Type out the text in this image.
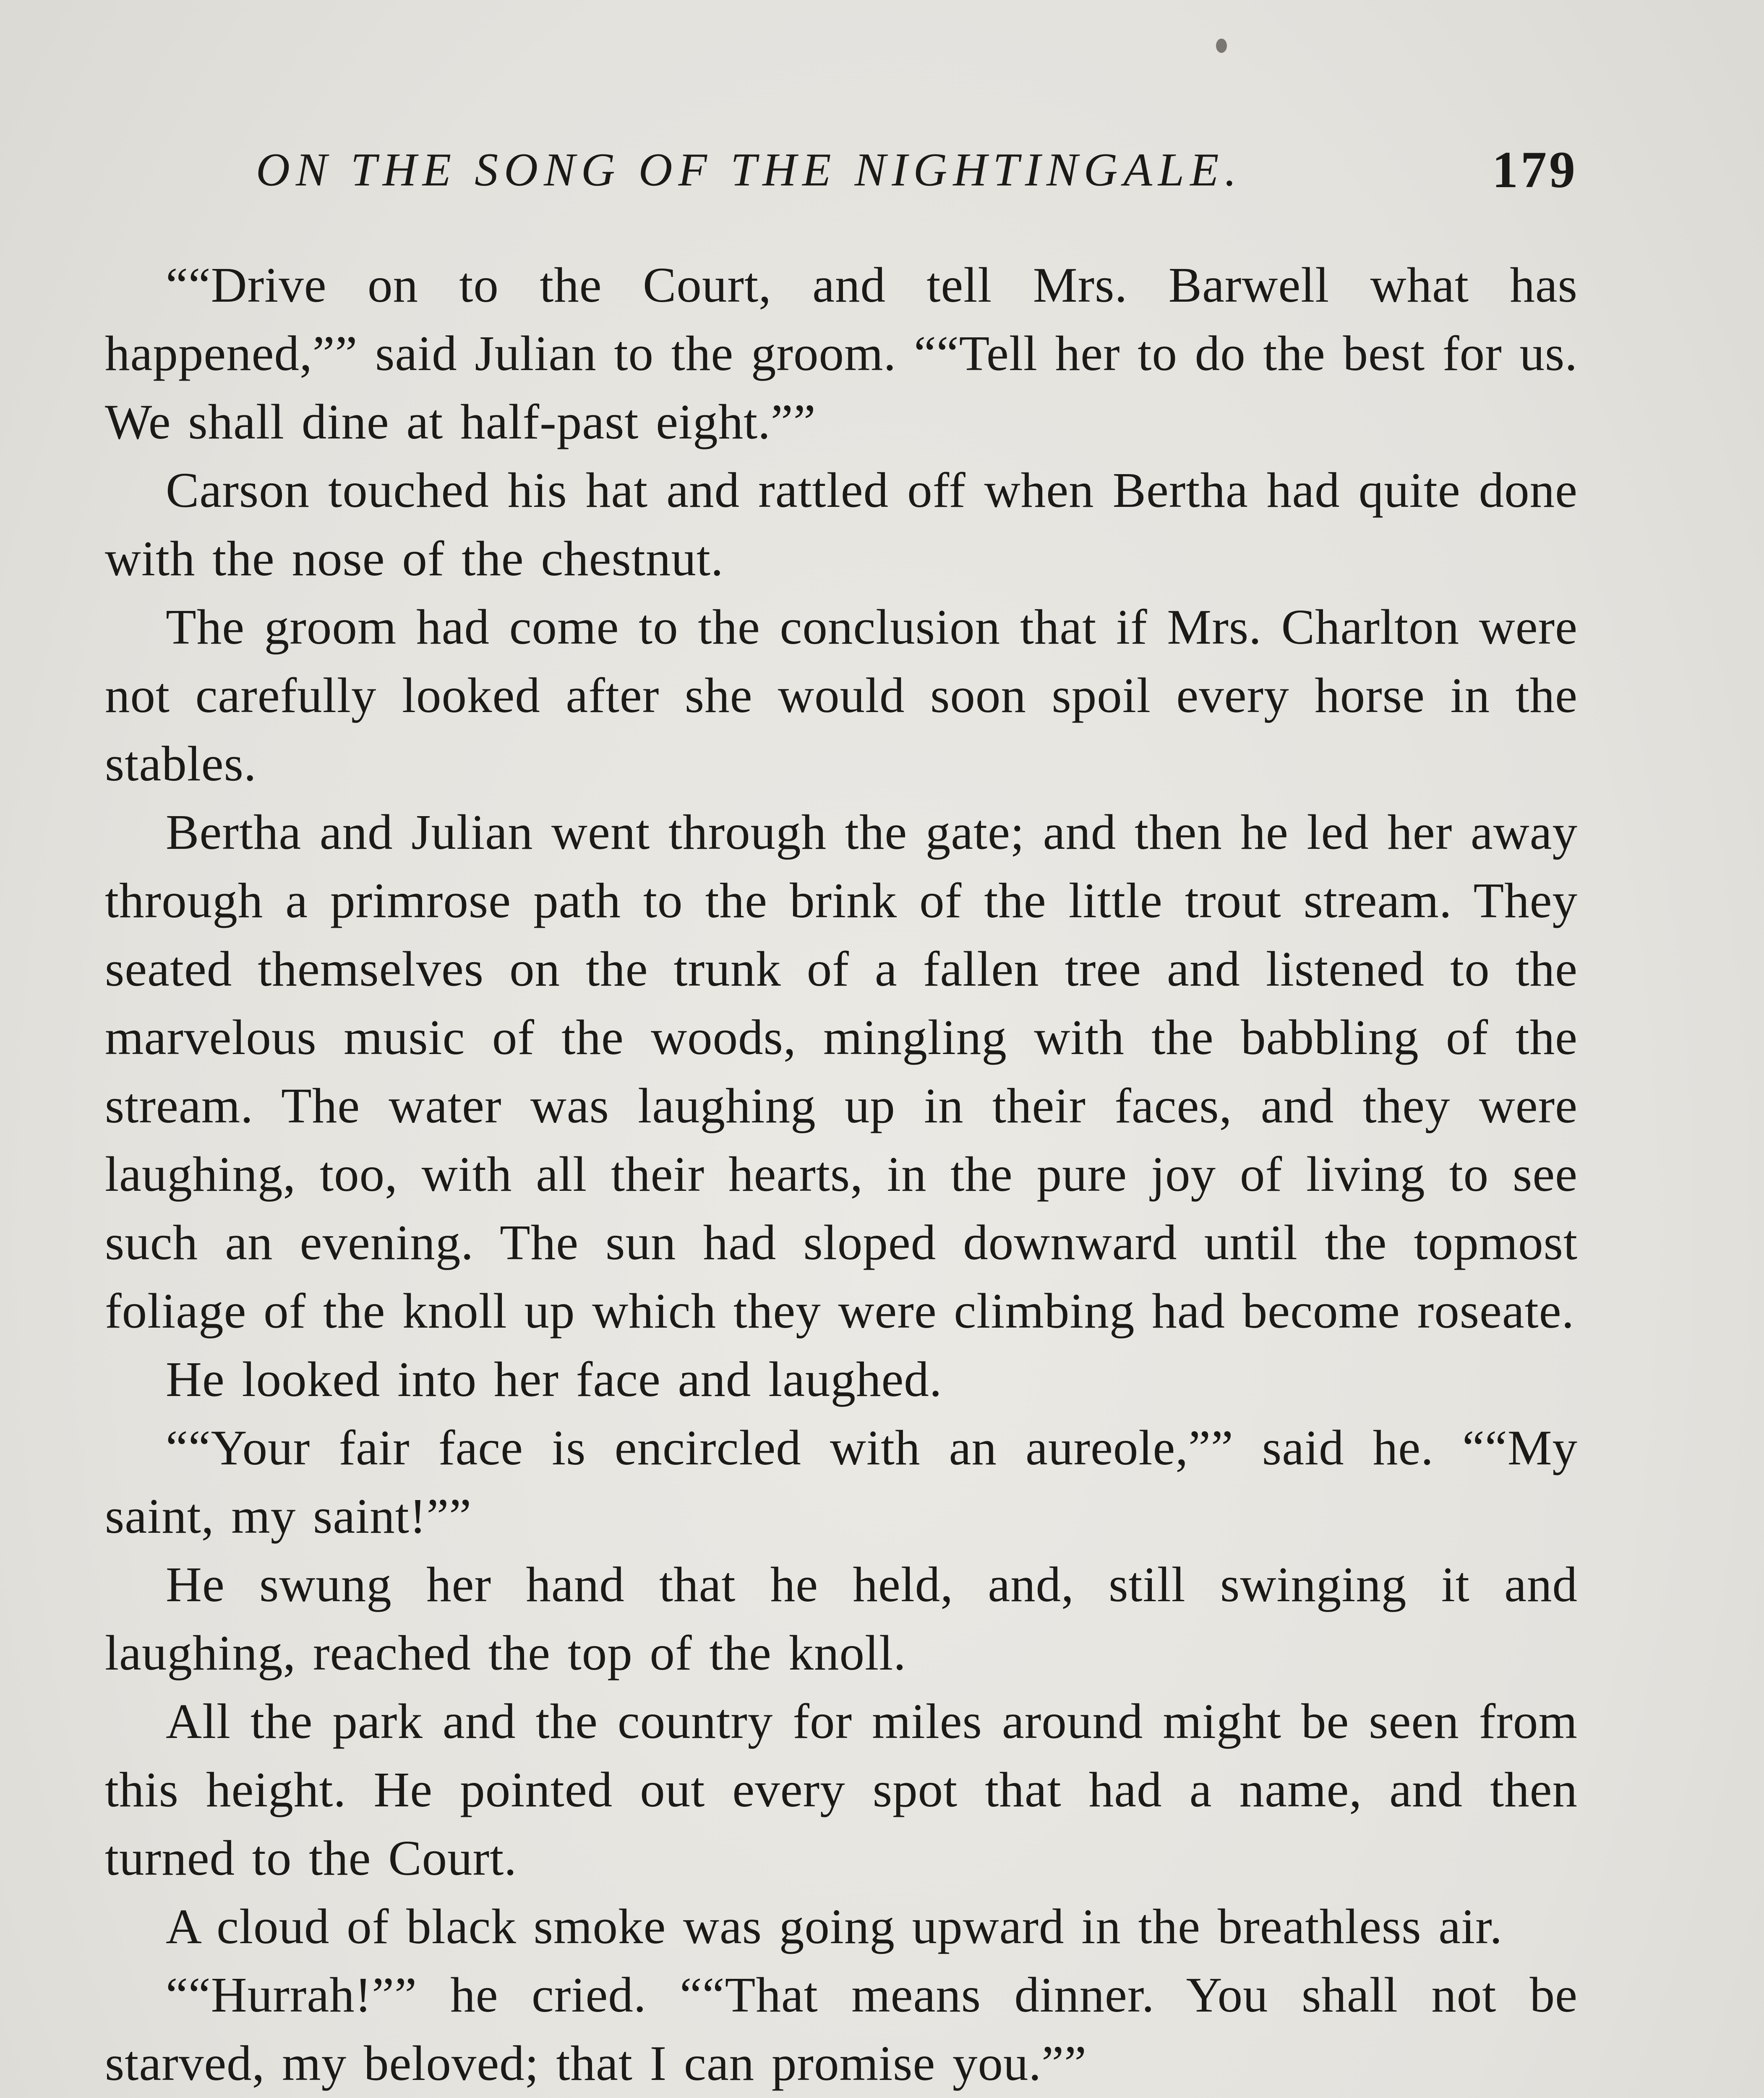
ON THE SONG OF THE NIGHTINGALE.	179

““Drive on to the Court, and tell Mrs. Barwell what has happened,”” said Julian to the groom. ““Tell her to do the best for us. We shall dine at half-past eight.””

Carson touched his hat and rattled off when Bertha had quite done with the nose of the chestnut.

The groom had come to the conclusion that if Mrs. Charlton were not carefully looked after she would soon spoil every horse in the stables.

Bertha and Julian went through the gate; and then he led her away through a primrose path to the brink of the little trout stream. They seated themselves on the trunk of a fallen tree and listened to the marvelous music of the woods, mingling with the babbling of the stream. The water was laughing up in their faces, and they were laughing, too, with all their hearts, in the pure joy of living to see such an evening. The sun had sloped downward until the topmost foliage of the knoll up which they were climbing had become roseate.

He looked into her face and laughed.

““Your fair face is encircled with an aureole,”” said he. ““My saint, my saint!””

He swung her hand that he held, and, still swinging it and laughing, reached the top of the knoll.

All the park and the country for miles around might be seen from this height. He pointed out every spot that had a name, and then turned to the Court.

A cloud of black smoke was going upward in the breathless air.

““Hurrah!”” he cried. ““That means dinner. You shall not be starved, my beloved; that I can promise you.””
